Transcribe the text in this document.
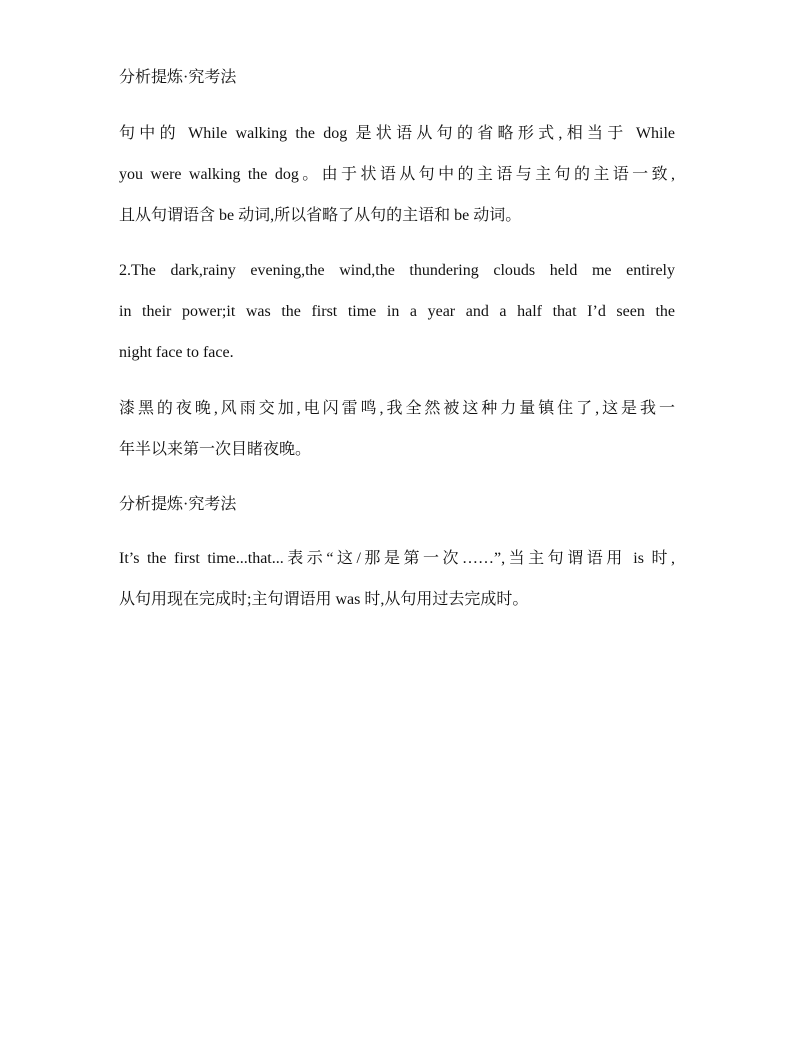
分析提炼·究考法

句中的 While walking the dog 是状语从句的省略形式,相当于 While
you were walking the dog。由于状语从句中的主语与主句的主语一致,
且从句谓语含 be 动词,所以省略了从句的主语和 be 动词。

2.The dark,rainy evening,the wind,the thundering clouds held me entirely
in their power;it was the first time in a year and a half that I’d seen the
night face to face.

漆黑的夜晚,风雨交加,电闪雷鸣,我全然被这种力量镇住了,这是我一
年半以来第一次目睹夜晚。

分析提炼·究考法

It’s the first time...that...表示“这/那是第一次……”,当主句谓语用 is 时,
从句用现在完成时;主句谓语用 was 时,从句用过去完成时。
